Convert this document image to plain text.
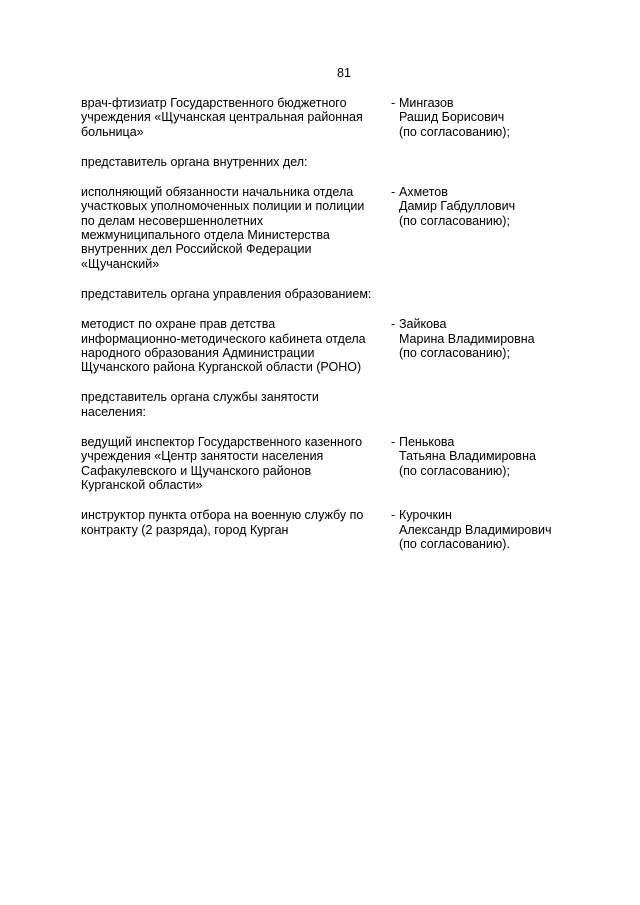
81
врач-фтизиатр Государственного бюджетного
учреждения «Щучанская центральная районная
больница»
- Мингазов
Рашид Борисович
(по согласованию);
представитель органа внутренних дел:
исполняющий обязанности начальника отдела
участковых уполномоченных полиции и полиции
по делам несовершеннолетних
межмуниципального отдела Министерства
внутренних дел Российской Федерации
«Щучанский»
- Ахметов
Дамир Габдуллович
(по согласованию);
представитель органа управления образованием:
методист по охране прав детства
информационно-методического кабинета отдела
народного образования Администрации
Щучанского района Курганской области (РОНО)
- Зайкова
Марина Владимировна
(по согласованию);
представитель органа службы занятости
населения:
ведущий инспектор Государственного казенного
учреждения «Центр занятости населения
Сафакулевского и Щучанского районов
Курганской области»
- Пенькова
Татьяна Владимировна
(по согласованию);
инструктор пункта отбора на военную службу по
контракту (2 разряда), город Курган
- Курочкин
Александр Владимирович
(по согласованию).
